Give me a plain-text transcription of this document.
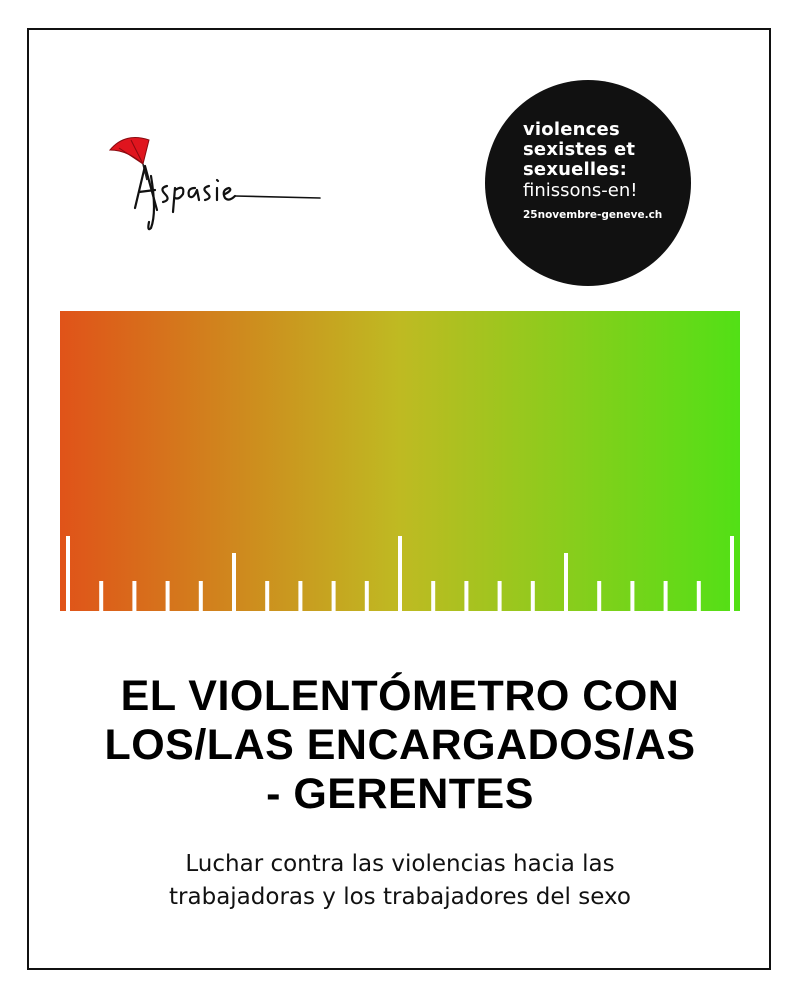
violences
sexistes et
sexuelles:
finissons-en!
25novembre-geneve.ch
EL VIOLENTÓMETRO CON
LOS/LAS ENCARGADOS/AS
- GERENTES
Luchar contra las violencias hacia las
trabajadoras y los trabajadores del sexo
